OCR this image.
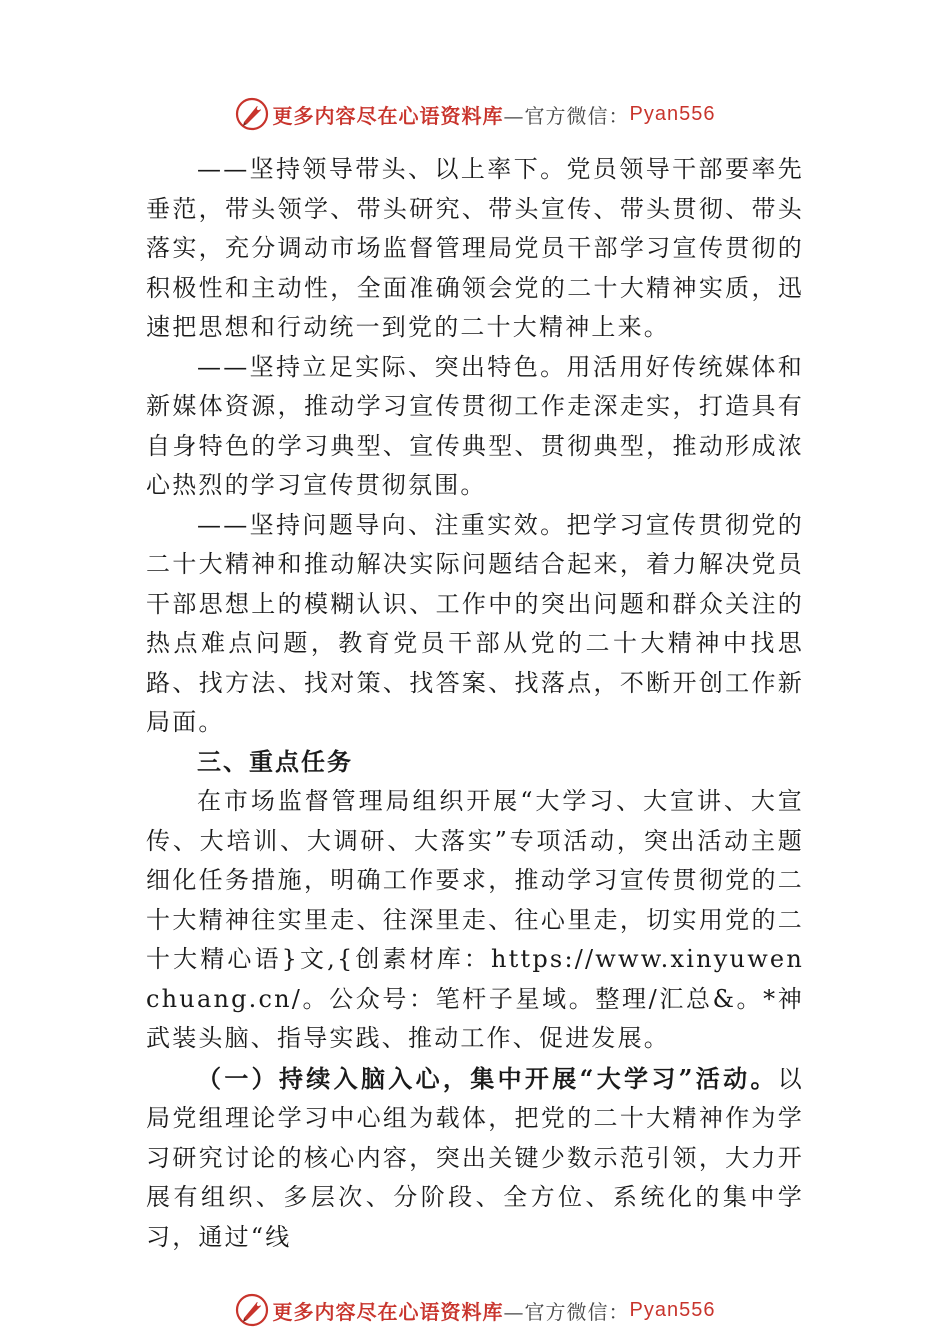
更多内容尽在心语资料库 —官方微信： Pyan556

——坚持领导带头、以上率下。党员领导干部要率先垂范，带头领学、带头研究、带头宣传、带头贯彻、带头落实，充分调动市场监督管理局党员干部学习宣传贯彻的积极性和主动性，全面准确领会党的二十大精神实质，迅速把思想和行动统一到党的二十大精神上来。

——坚持立足实际、突出特色。用活用好传统媒体和新媒体资源，推动学习宣传贯彻工作走深走实，打造具有自身特色的学习典型、宣传典型、贯彻典型，推动形成浓心热烈的学习宣传贯彻氛围。

——坚持问题导向、注重实效。把学习宣传贯彻党的二十大精神和推动解决实际问题结合起来，着力解决党员干部思想上的模糊认识、工作中的突出问题和群众关注的热点难点问题，教育党员干部从党的二十大精神中找思路、找方法、找对策、找答案、找落点，不断开创工作新局面。

三、重点任务

在市场监督管理局组织开展“大学习、大宣讲、大宣传、大培训、大调研、大落实”专项活动，突出活动主题细化任务措施，明确工作要求，推动学习宣传贯彻党的二十大精神往实里走、往深里走、往心里走，切实用党的二十大精心语}文,{创素材库：https://www.xinyuwenchuang.cn/。公众号：笔杆子星域。整理/汇总&。*神武装头脑、指导实践、推动工作、促进发展。

（一）持续入脑入心，集中开展“大学习”活动。以局党组理论学习中心组为载体，把党的二十大精神作为学习研究讨论的核心内容，突出关键少数示范引领，大力开展有组织、多层次、分阶段、全方位、系统化的集中学习，通过“线

更多内容尽在心语资料库 —官方微信： Pyan556
